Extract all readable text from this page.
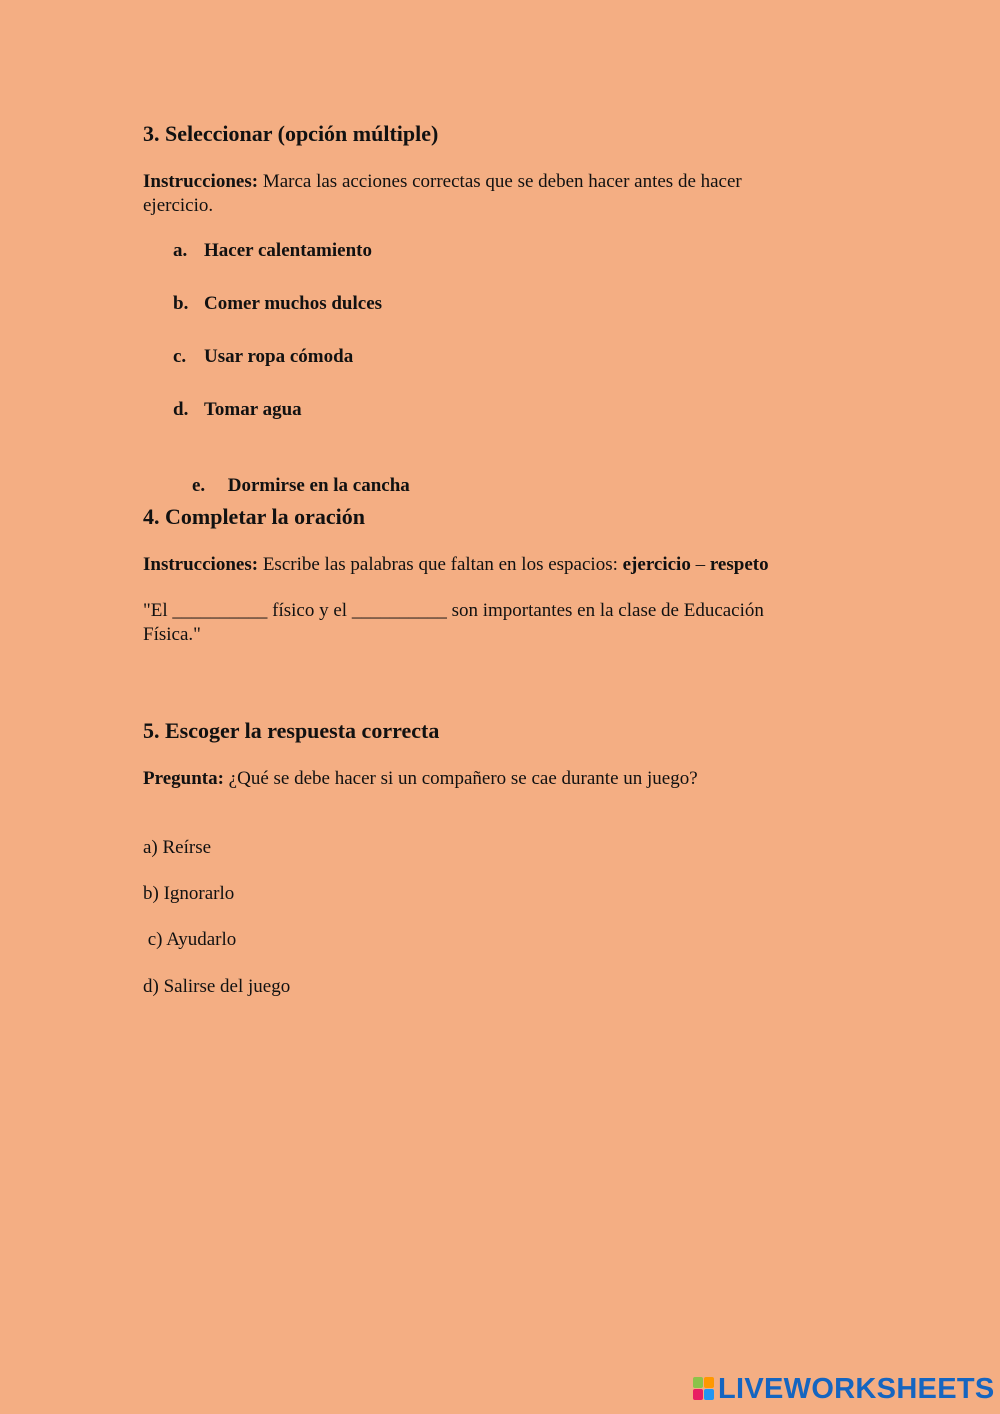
3. Seleccionar (opción múltiple)
Instrucciones: Marca las acciones correctas que se deben hacer antes de hacer
ejercicio.
a. Hacer calentamiento
b. Comer muchos dulces
c. Usar ropa cómoda
d. Tomar agua

e. Dormirse en la cancha

4. Completar la oración
Instrucciones: Escribe las palabras que faltan en los espacios: ejercicio – respeto
"El __________ físico y el __________ son importantes en la clase de Educación
Física."
5. Escoger la respuesta correcta
Pregunta: ¿Qué se debe hacer si un compañero se cae durante un juego?
a) Reírse
b) Ignorarlo
c) Ayudarlo
d) Salirse del juego
LIVEWORKSHEETS
